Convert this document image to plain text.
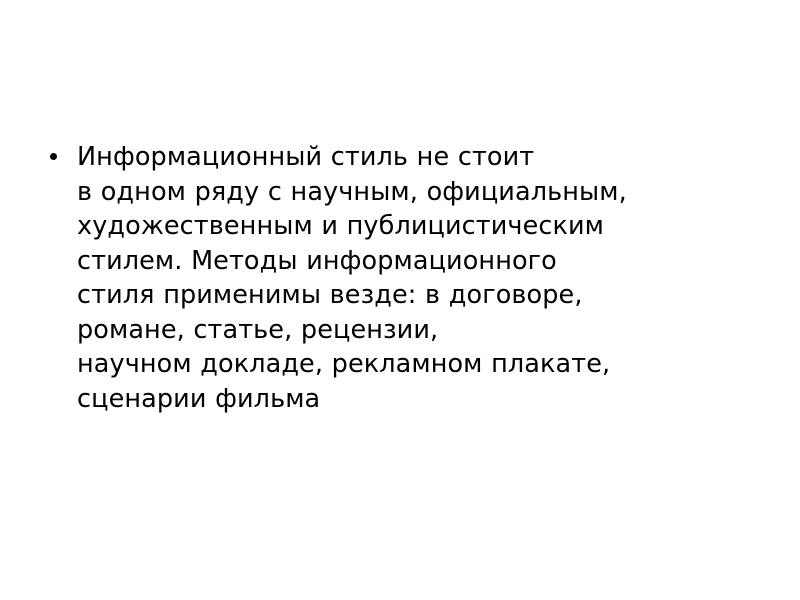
Информационный стиль не стоит
в одном ряду с научным, официальным,
художественным и публицистическим
стилем. Методы информационного
стиля применимы везде: в договоре,
романе, статье, рецензии,
научном докладе, рекламном плакате,
сценарии фильма
